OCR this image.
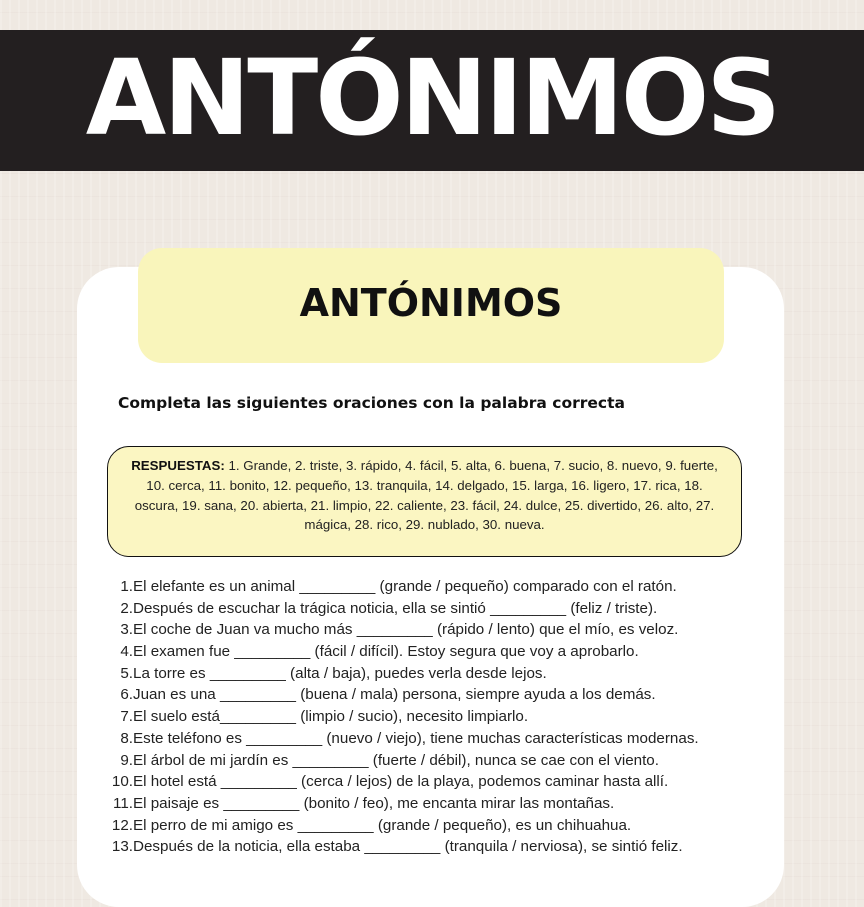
ANTÓNIMOS
ANTÓNIMOS
Completa las siguientes oraciones con la palabra correcta
RESPUESTAS: 1. Grande, 2. triste, 3. rápido, 4. fácil, 5. alta, 6. buena, 7. sucio, 8. nuevo, 9. fuerte, 10. cerca, 11. bonito, 12. pequeño, 13. tranquila, 14. delgado, 15. larga, 16. ligero, 17. rica, 18. oscura, 19. sana, 20. abierta, 21. limpio, 22. caliente, 23. fácil, 24. dulce, 25. divertido, 26. alto, 27. mágica, 28. rico, 29. nublado, 30. nueva.
1. El elefante es un animal _________ (grande / pequeño) comparado con el ratón.
2. Después de escuchar la trágica noticia, ella se sintió _________ (feliz / triste).
3. El coche de Juan va mucho más _________ (rápido / lento) que el mío, es veloz.
4. El examen fue _________ (fácil / difícil). Estoy segura que voy a aprobarlo.
5. La torre es _________ (alta / baja), puedes verla desde lejos.
6. Juan es una _________ (buena / mala) persona, siempre ayuda a los demás.
7. El suelo está_________ (limpio / sucio), necesito limpiarlo.
8. Este teléfono es _________ (nuevo / viejo), tiene muchas características modernas.
9. El árbol de mi jardín es _________ (fuerte / débil), nunca se cae con el viento.
10. El hotel está _________ (cerca / lejos) de la playa, podemos caminar hasta allí.
11. El paisaje es _________ (bonito / feo), me encanta mirar las montañas.
12. El perro de mi amigo es _________ (grande / pequeño), es un chihuahua.
13. Después de la noticia, ella estaba _________ (tranquila / nerviosa), se sintió feliz.
